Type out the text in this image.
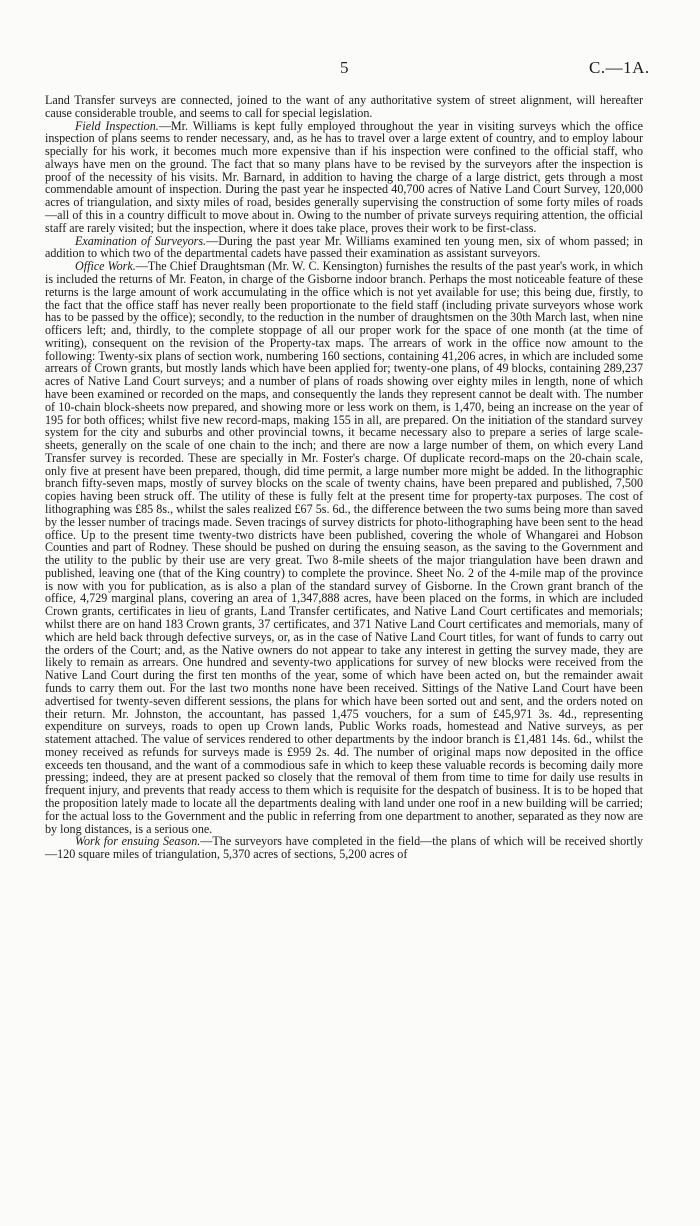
5	C.—1A.

Land Transfer surveys are connected, joined to the want of any authoritative system of street alignment, will hereafter cause considerable trouble, and seems to call for special legislation.

Field Inspection.—Mr. Williams is kept fully employed throughout the year in visiting surveys which the office inspection of plans seems to render necessary, and, as he has to travel over a large extent of country, and to employ labour specially for his work, it becomes much more expensive than if his inspection were confined to the official staff, who always have men on the ground. The fact that so many plans have to be revised by the surveyors after the inspection is proof of the necessity of his visits. Mr. Barnard, in addition to having the charge of a large district, gets through a most commendable amount of inspection. During the past year he inspected 40,700 acres of Native Land Court Survey, 120,000 acres of triangulation, and sixty miles of road, besides generally supervising the construction of some forty miles of roads—all of this in a country difficult to move about in. Owing to the number of private surveys requiring attention, the official staff are rarely visited; but the inspection, where it does take place, proves their work to be first-class.

Examination of Surveyors.—During the past year Mr. Williams examined ten young men, six of whom passed; in addition to which two of the departmental cadets have passed their examination as assistant surveyors.

Office Work.—The Chief Draughtsman (Mr. W. C. Kensington) furnishes the results of the past year's work, in which is included the returns of Mr. Featon, in charge of the Gisborne indoor branch. Perhaps the most noticeable feature of these returns is the large amount of work accumulating in the office which is not yet available for use; this being due, firstly, to the fact that the office staff has never really been proportionate to the field staff (including private surveyors whose work has to be passed by the office); secondly, to the reduction in the number of draughtsmen on the 30th March last, when nine officers left; and, thirdly, to the complete stoppage of all our proper work for the space of one month (at the time of writing), consequent on the revision of the Property-tax maps. The arrears of work in the office now amount to the following: Twenty-six plans of section work, numbering 160 sections, containing 41,206 acres, in which are included some arrears of Crown grants, but mostly lands which have been applied for; twenty-one plans, of 49 blocks, containing 289,237 acres of Native Land Court surveys; and a number of plans of roads showing over eighty miles in length, none of which have been examined or recorded on the maps, and consequently the lands they represent cannot be dealt with. The number of 10-chain block-sheets now prepared, and showing more or less work on them, is 1,470, being an increase on the year of 195 for both offices; whilst five new record-maps, making 155 in all, are prepared. On the initiation of the standard survey system for the city and suburbs and other provincial towns, it became necessary also to prepare a series of large scale-sheets, generally on the scale of one chain to the inch; and there are now a large number of them, on which every Land Transfer survey is recorded. These are specially in Mr. Foster's charge. Of duplicate record-maps on the 20-chain scale, only five at present have been prepared, though, did time permit, a large number more might be added. In the lithographic branch fifty-seven maps, mostly of survey blocks on the scale of twenty chains, have been prepared and published, 7,500 copies having been struck off. The utility of these is fully felt at the present time for property-tax purposes. The cost of lithographing was £85 8s., whilst the sales realized £67 5s. 6d., the difference between the two sums being more than saved by the lesser number of tracings made. Seven tracings of survey districts for photo-lithographing have been sent to the head office. Up to the present time twenty-two districts have been published, covering the whole of Whangarei and Hobson Counties and part of Rodney. These should be pushed on during the ensuing season, as the saving to the Government and the utility to the public by their use are very great. Two 8-mile sheets of the major triangulation have been drawn and published, leaving one (that of the King country) to complete the province. Sheet No. 2 of the 4-mile map of the province is now with you for publication, as is also a plan of the standard survey of Gisborne. In the Crown grant branch of the office, 4,729 marginal plans, covering an area of 1,347,888 acres, have been placed on the forms, in which are included Crown grants, certificates in lieu of grants, Land Transfer certificates, and Native Land Court certificates and memorials; whilst there are on hand 183 Crown grants, 37 certificates, and 371 Native Land Court certificates and memorials, many of which are held back through defective surveys, or, as in the case of Native Land Court titles, for want of funds to carry out the orders of the Court; and, as the Native owners do not appear to take any interest in getting the survey made, they are likely to remain as arrears. One hundred and seventy-two applications for survey of new blocks were received from the Native Land Court during the first ten months of the year, some of which have been acted on, but the remainder await funds to carry them out. For the last two months none have been received. Sittings of the Native Land Court have been advertised for twenty-seven different sessions, the plans for which have been sorted out and sent, and the orders noted on their return. Mr. Johnston, the accountant, has passed 1,475 vouchers, for a sum of £45,971 3s. 4d., representing expenditure on surveys, roads to open up Crown lands, Public Works roads, homestead and Native surveys, as per statement attached. The value of services rendered to other departments by the indoor branch is £1,481 14s. 6d., whilst the money received as refunds for surveys made is £959 2s. 4d. The number of original maps now deposited in the office exceeds ten thousand, and the want of a commodious safe in which to keep these valuable records is becoming daily more pressing; indeed, they are at present packed so closely that the removal of them from time to time for daily use results in frequent injury, and prevents that ready access to them which is requisite for the despatch of business. It is to be hoped that the proposition lately made to locate all the departments dealing with land under one roof in a new building will be carried; for the actual loss to the Government and the public in referring from one department to another, separated as they now are by long distances, is a serious one.

Work for ensuing Season.—The surveyors have completed in the field—the plans of which will be received shortly—120 square miles of triangulation, 5,370 acres of sections, 5,200 acres of
